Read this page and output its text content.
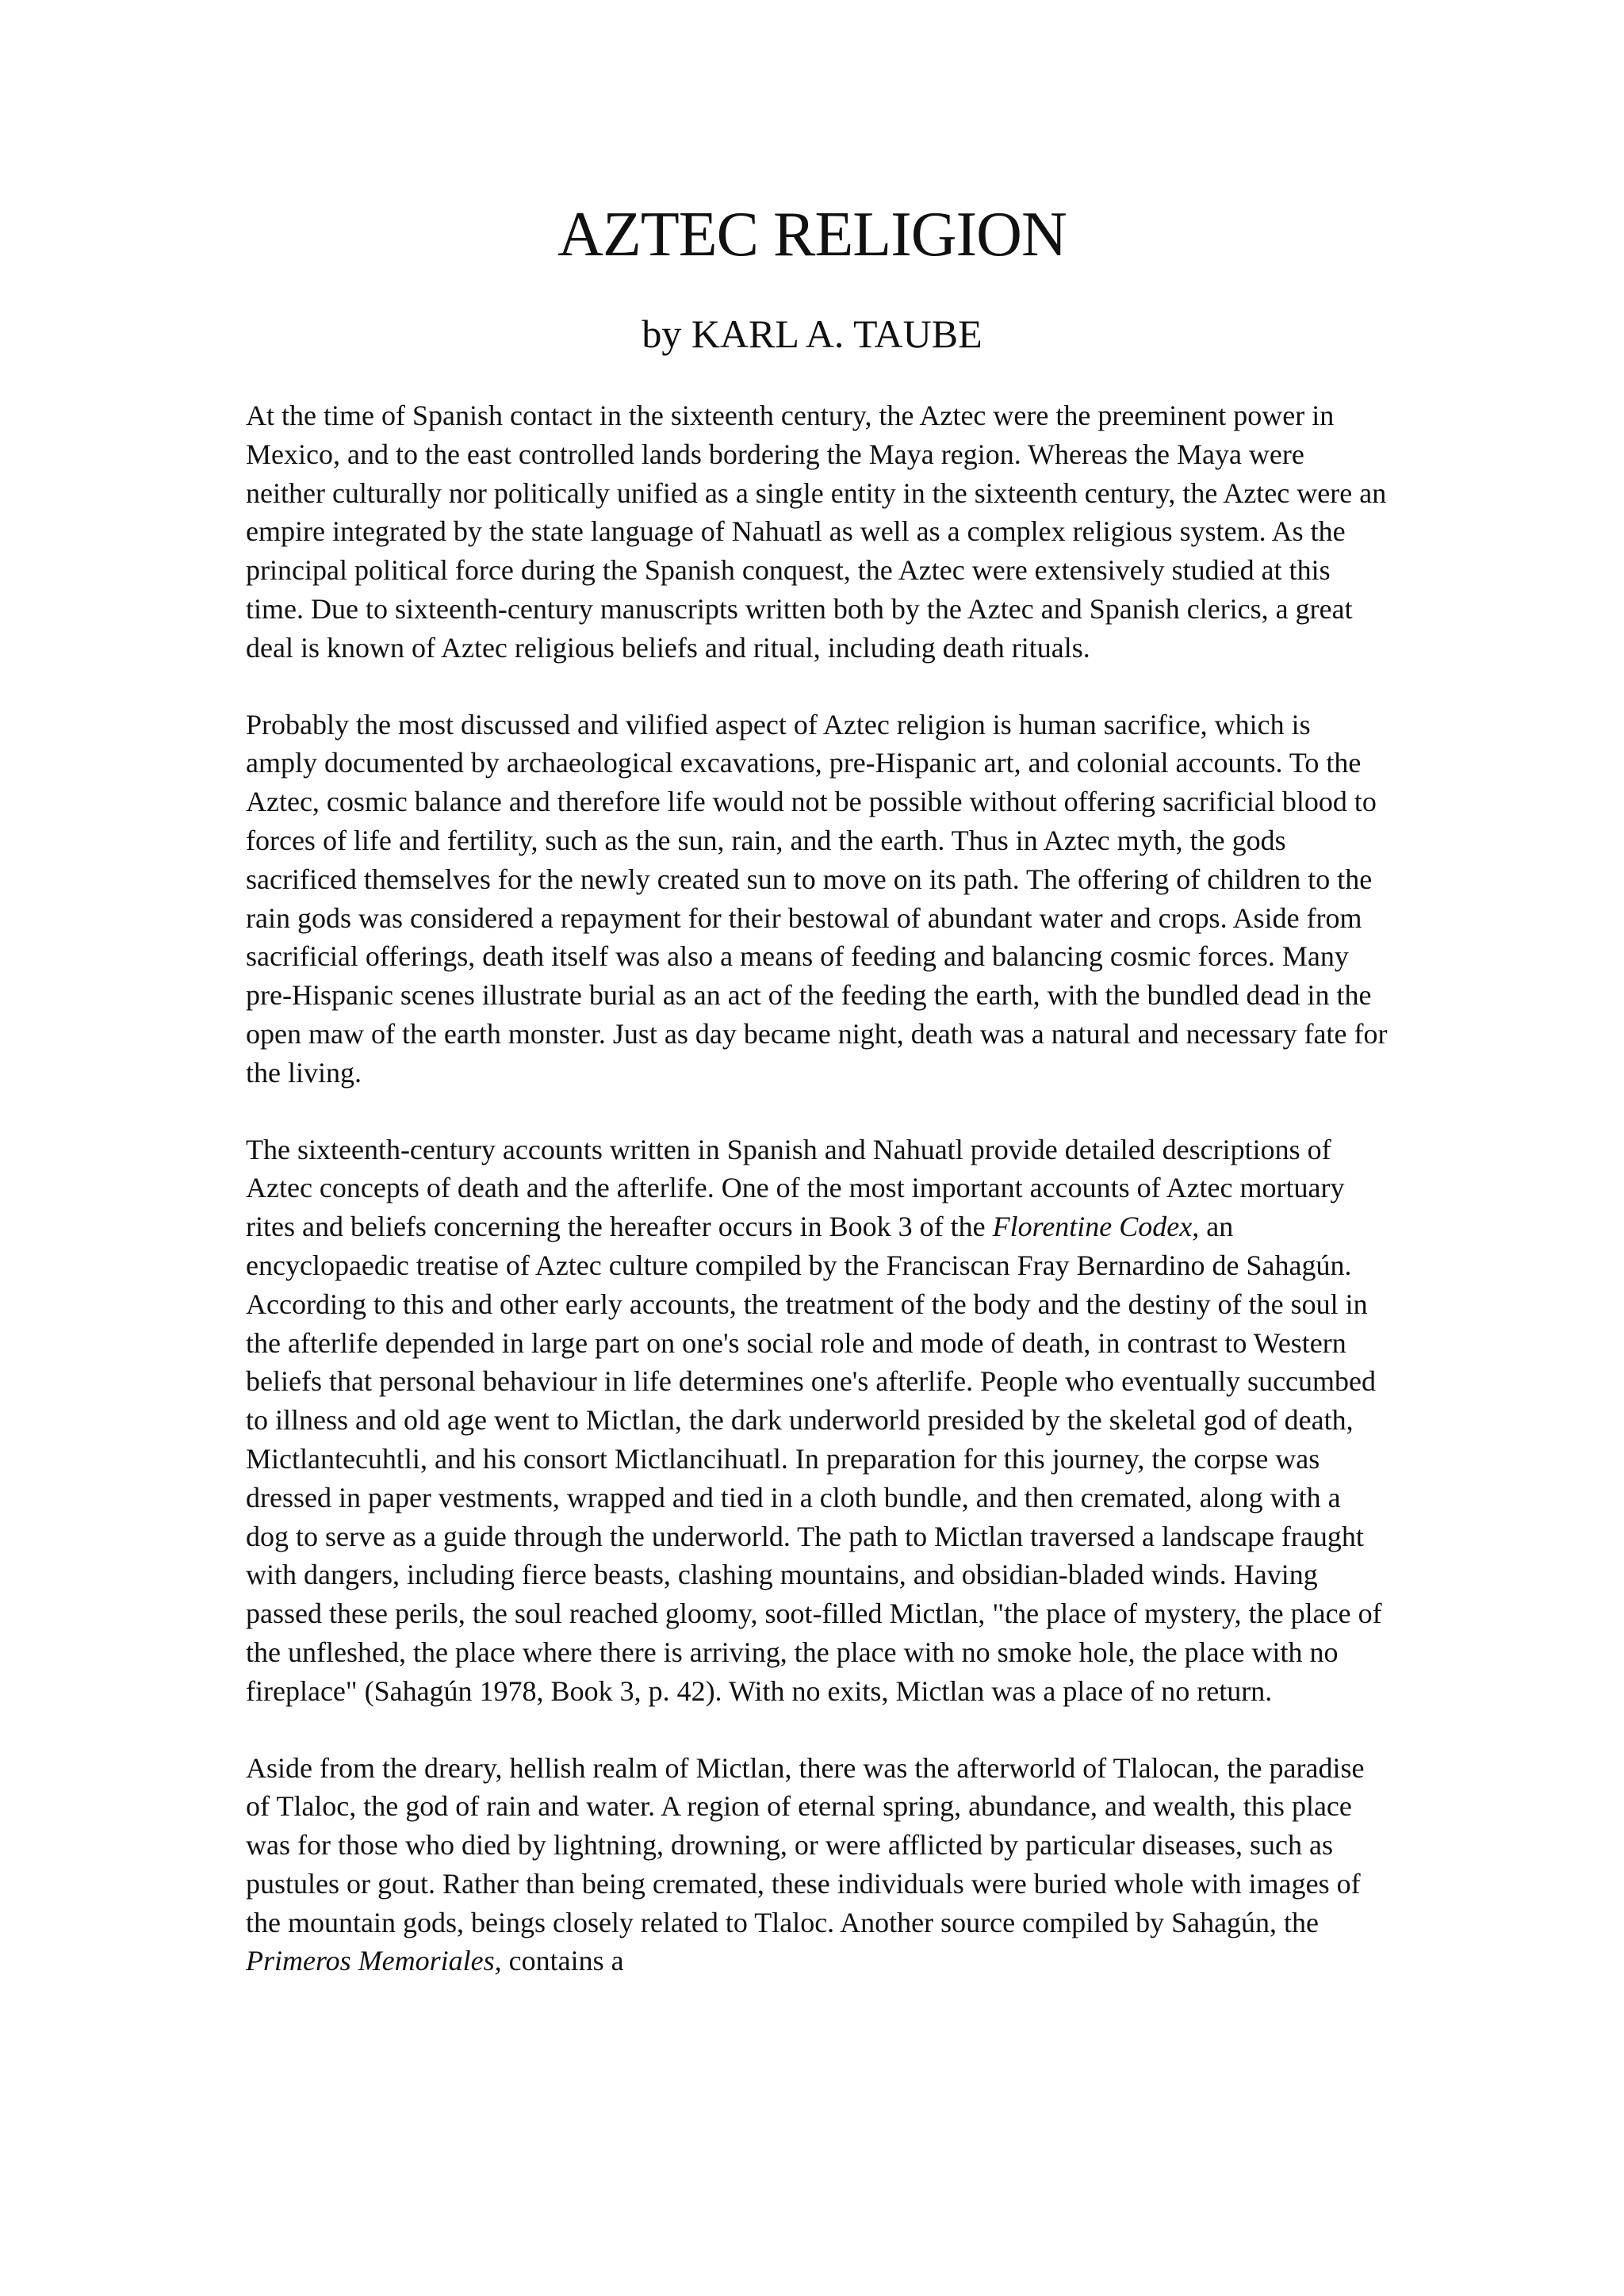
AZTEC RELIGION
by KARL A. TAUBE

At the time of Spanish contact in the sixteenth century, the Aztec were the preeminent power in Mexico, and to the east controlled lands bordering the Maya region. Whereas the Maya were neither culturally nor politically unified as a single entity in the sixteenth century, the Aztec were an empire integrated by the state language of Nahuatl as well as a complex religious system. As the principal political force during the Spanish conquest, the Aztec were extensively studied at this time. Due to sixteenth-century manuscripts written both by the Aztec and Spanish clerics, a great deal is known of Aztec religious beliefs and ritual, including death rituals.

Probably the most discussed and vilified aspect of Aztec religion is human sacrifice, which is amply documented by archaeological excavations, pre-Hispanic art, and colonial accounts. To the Aztec, cosmic balance and therefore life would not be possible without offering sacrificial blood to forces of life and fertility, such as the sun, rain, and the earth. Thus in Aztec myth, the gods sacrificed themselves for the newly created sun to move on its path. The offering of children to the rain gods was considered a repayment for their bestowal of abundant water and crops. Aside from sacrificial offerings, death itself was also a means of feeding and balancing cosmic forces. Many pre-Hispanic scenes illustrate burial as an act of the feeding the earth, with the bundled dead in the open maw of the earth monster. Just as day became night, death was a natural and necessary fate for the living.

The sixteenth-century accounts written in Spanish and Nahuatl provide detailed descriptions of Aztec concepts of death and the afterlife. One of the most important accounts of Aztec mortuary rites and beliefs concerning the hereafter occurs in Book 3 of the Florentine Codex, an encyclopaedic treatise of Aztec culture compiled by the Franciscan Fray Bernardino de Sahagún. According to this and other early accounts, the treatment of the body and the destiny of the soul in the afterlife depended in large part on one's social role and mode of death, in contrast to Western beliefs that personal behaviour in life determines one's afterlife. People who eventually succumbed to illness and old age went to Mictlan, the dark underworld presided by the skeletal god of death, Mictlantecuhtli, and his consort Mictlancihuatl. In preparation for this journey, the corpse was dressed in paper vestments, wrapped and tied in a cloth bundle, and then cremated, along with a dog to serve as a guide through the underworld. The path to Mictlan traversed a landscape fraught with dangers, including fierce beasts, clashing mountains, and obsidian-bladed winds. Having passed these perils, the soul reached gloomy, soot-filled Mictlan, "the place of mystery, the place of the unfleshed, the place where there is arriving, the place with no smoke hole, the place with no fireplace" (Sahagún 1978, Book 3, p. 42). With no exits, Mictlan was a place of no return.

Aside from the dreary, hellish realm of Mictlan, there was the afterworld of Tlalocan, the paradise of Tlaloc, the god of rain and water. A region of eternal spring, abundance, and wealth, this place was for those who died by lightning, drowning, or were afflicted by particular diseases, such as pustules or gout. Rather than being cremated, these individuals were buried whole with images of the mountain gods, beings closely related to Tlaloc. Another source compiled by Sahagún, the Primeros Memoriales, contains a
